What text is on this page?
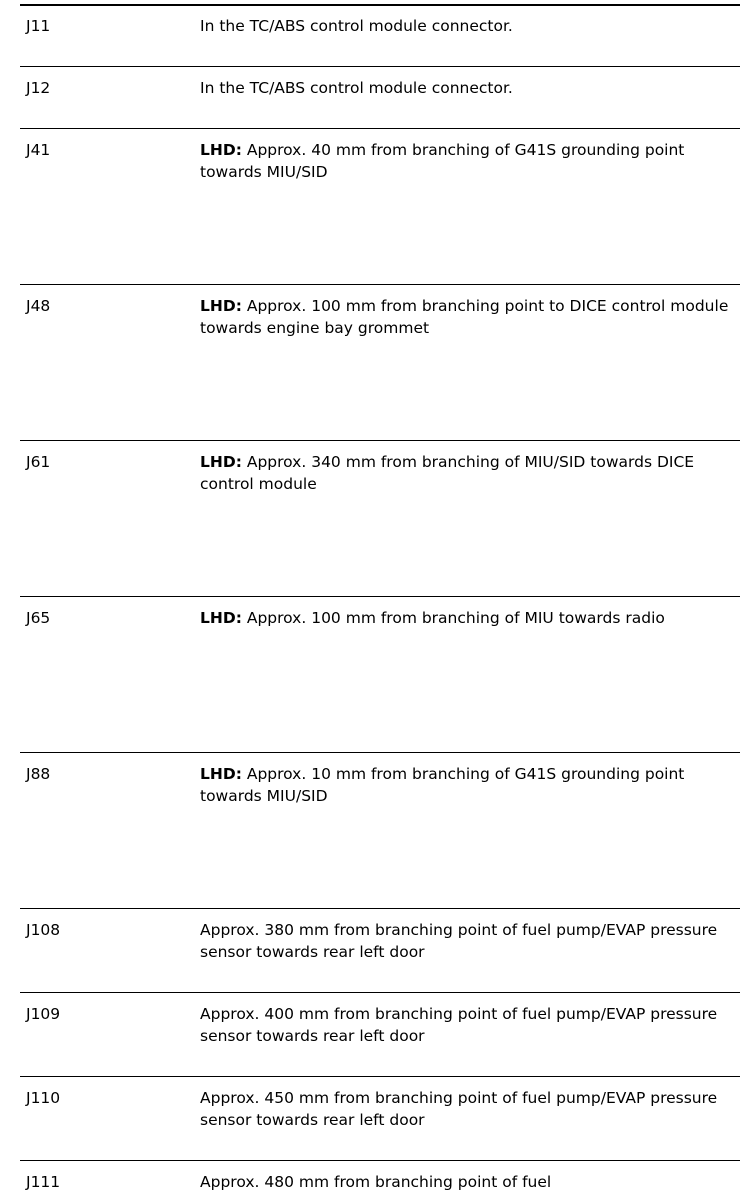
J11	In the TC/ABS control module connector.
J12	In the TC/ABS control module connector.
J41	LHD: Approx. 40 mm from branching of G41S grounding point towards MIU/SID
J48	LHD: Approx. 100 mm from branching point to DICE control module towards engine bay grommet
J61	LHD: Approx. 340 mm from branching of MIU/SID towards DICE control module
J65	LHD: Approx. 100 mm from branching of MIU towards radio
J88	LHD: Approx. 10 mm from branching of G41S grounding point towards MIU/SID
J108	Approx. 380 mm from branching point of fuel pump/EVAP pressure sensor towards rear left door
J109	Approx. 400 mm from branching point of fuel pump/EVAP pressure sensor towards rear left door
J110	Approx. 450 mm from branching point of fuel pump/EVAP pressure sensor towards rear left door
J111	Approx. 480 mm from branching point of fuel
